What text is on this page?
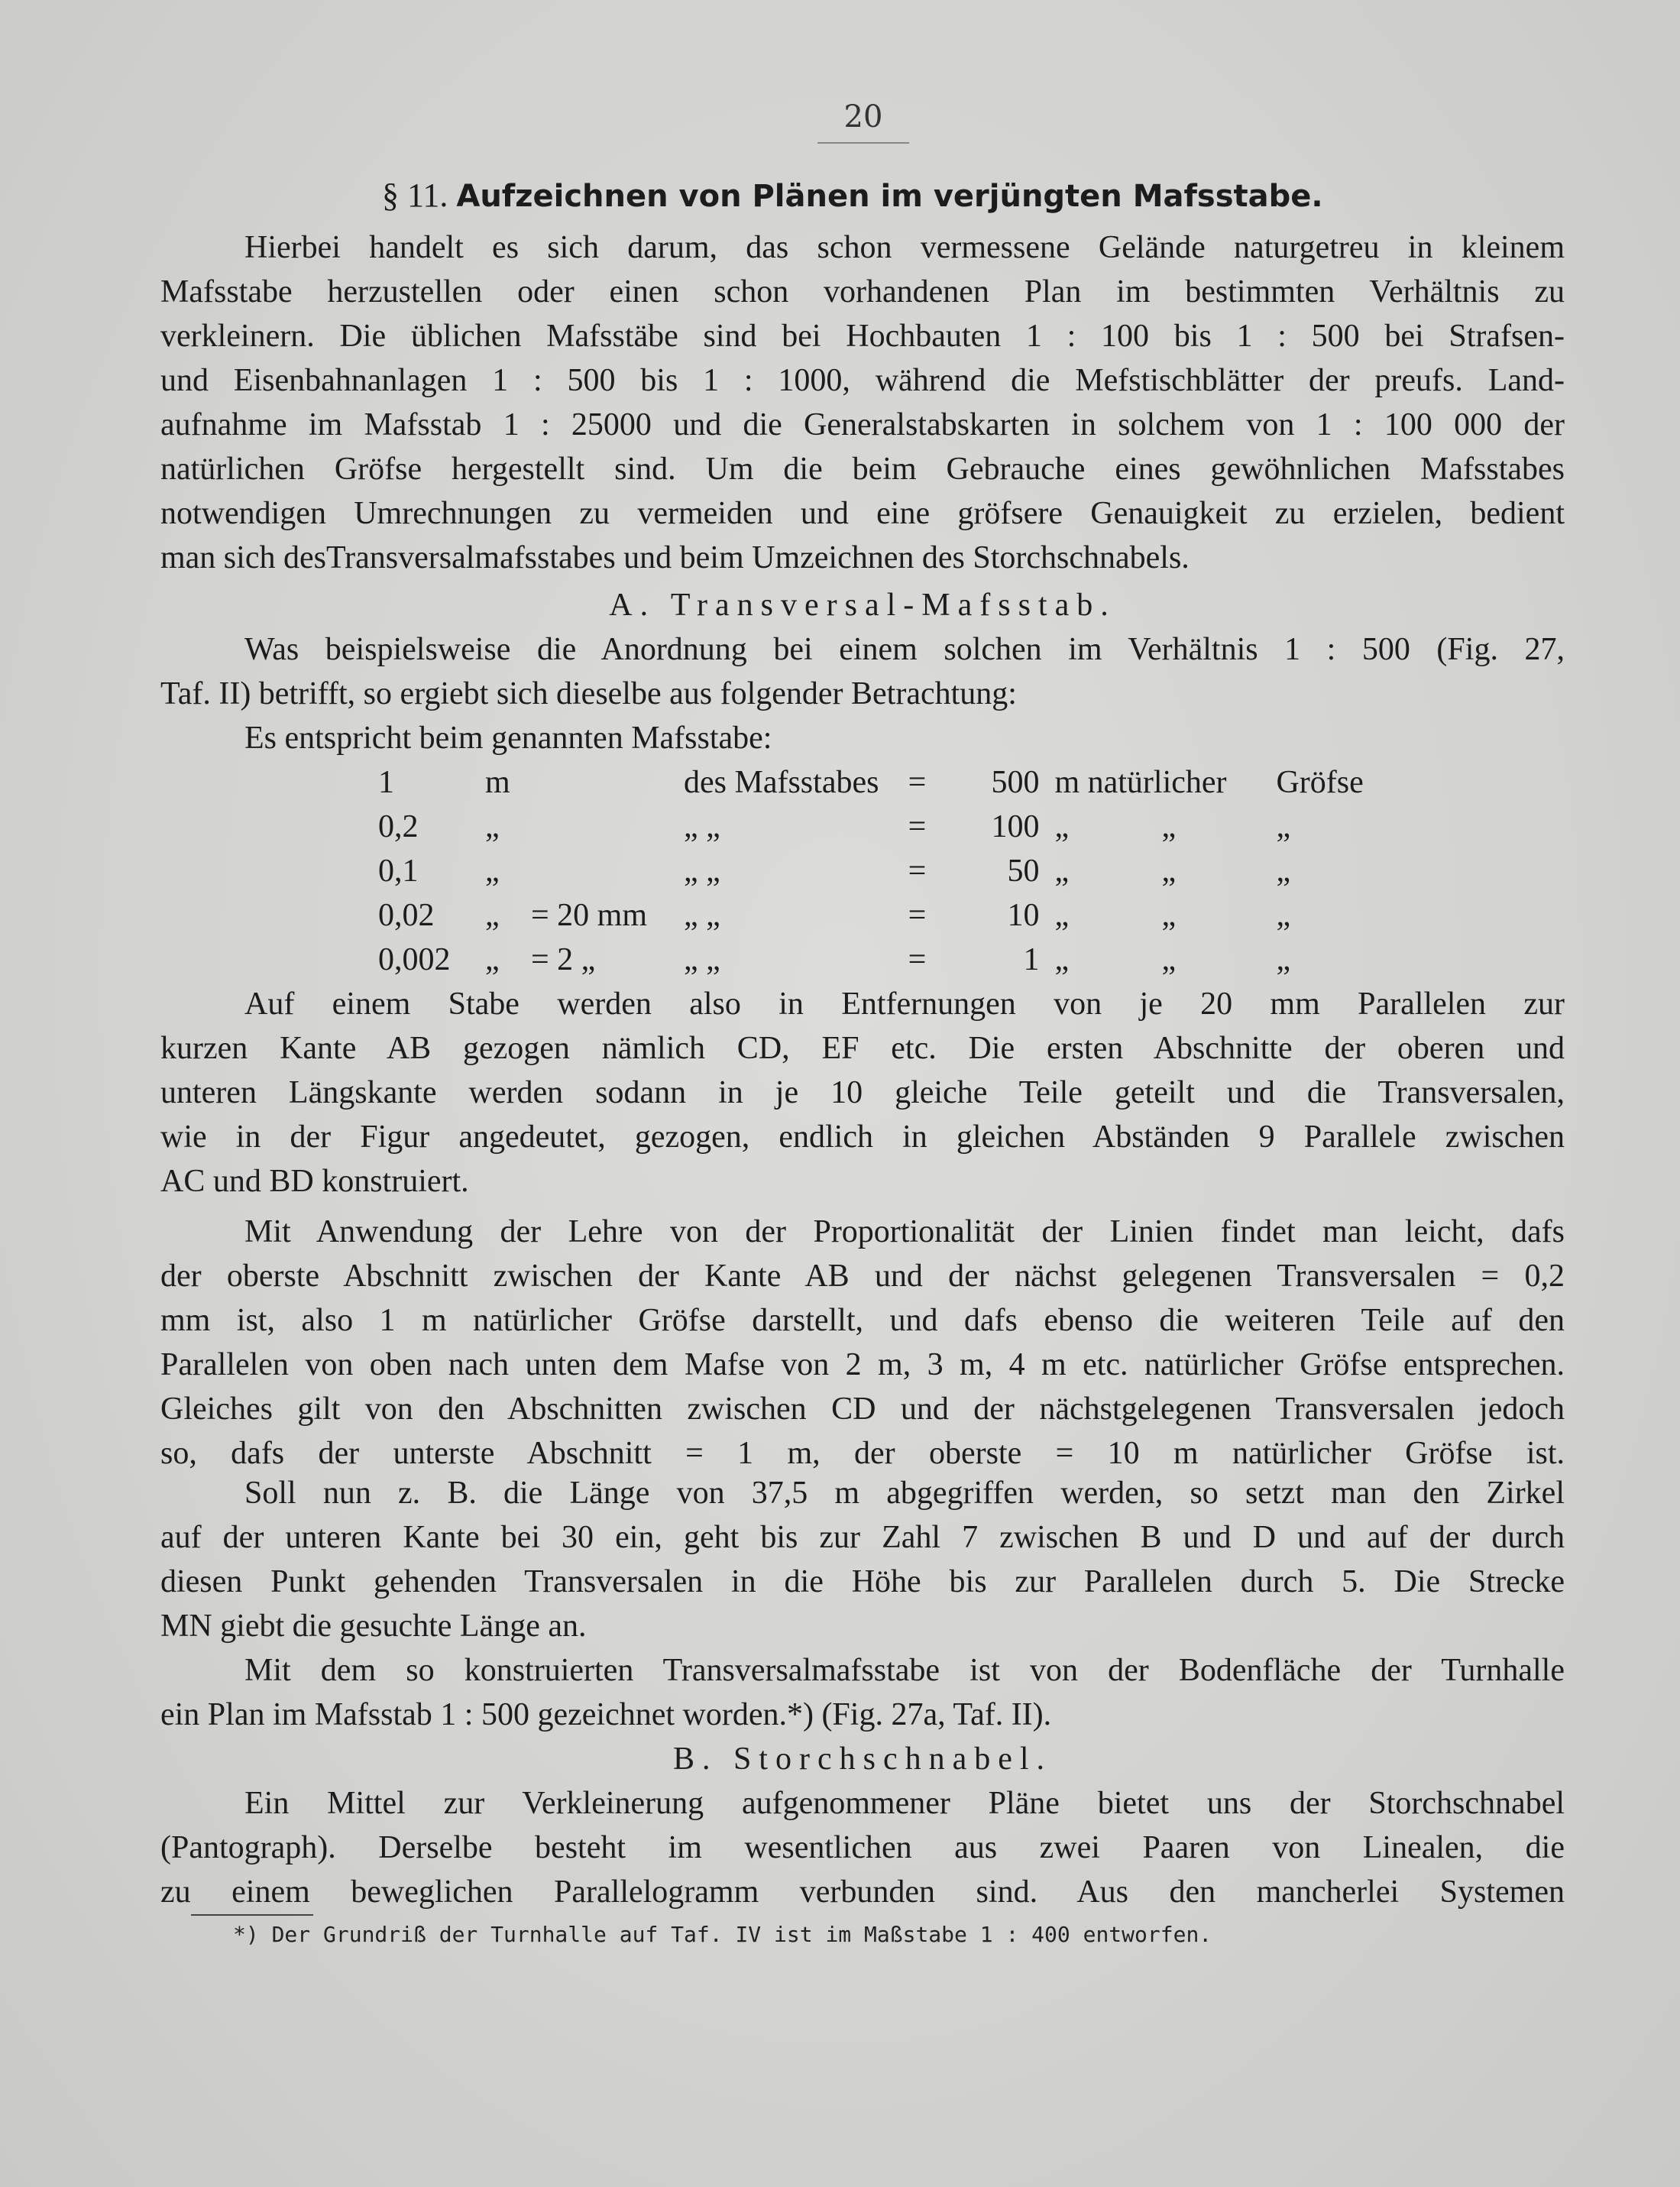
20
§ 11. Aufzeichnen von Plänen im verjüngten Mafsstabe.
Hierbei handelt es sich darum, das schon vermessene Gelände naturgetreu in kleinem
Mafsstabe herzustellen oder einen schon vorhandenen Plan im bestimmten Verhältnis zu
verkleinern. Die üblichen Mafsstäbe sind bei Hochbauten 1 : 100 bis 1 : 500 bei Strafsen-
und Eisenbahnanlagen 1 : 500 bis 1 : 1000, während die Mefstischblätter der preufs. Land-
aufnahme im Mafsstab 1 : 25000 und die Generalstabskarten in solchem von 1 : 100 000 der
natürlichen Gröfse hergestellt sind. Um die beim Gebrauche eines gewöhnlichen Mafsstabes
notwendigen Umrechnungen zu vermeiden und eine gröfsere Genauigkeit zu erzielen, bedient
man sich desTransversalmafsstabes und beim Umzeichnen des Storchschnabels.
A. Transversal-Mafsstab.
Was beispielsweise die Anordnung bei einem solchen im Verhältnis 1 : 500 (Fig. 27,
Taf. II) betrifft, so ergiebt sich dieselbe aus folgender Betrachtung:
Es entspricht beim genannten Mafsstabe:
1	m		des Mafsstabes	=	500	m natürlicher		Gröfse
0,2	„		„ „	=	100	„	„	„
0,1	„		„ „	=	50	„	„	„
0,02	„	= 20 mm	„ „	=	10	„	„	„
0,002	„	= 2 „	„ „	=	1	„	„	„
Auf einem Stabe werden also in Entfernungen von je 20 mm Parallelen zur
kurzen Kante AB gezogen nämlich CD, EF etc. Die ersten Abschnitte der oberen und
unteren Längskante werden sodann in je 10 gleiche Teile geteilt und die Transversalen,
wie in der Figur angedeutet, gezogen, endlich in gleichen Abständen 9 Parallele zwischen
AC und BD konstruiert.
Mit Anwendung der Lehre von der Proportionalität der Linien findet man leicht, dafs
der oberste Abschnitt zwischen der Kante AB und der nächst gelegenen Transversalen = 0,2
mm ist, also 1 m natürlicher Gröfse darstellt, und dafs ebenso die weiteren Teile auf den
Parallelen von oben nach unten dem Mafse von 2 m, 3 m, 4 m etc. natürlicher Gröfse entsprechen.
Gleiches gilt von den Abschnitten zwischen CD und der nächstgelegenen Transversalen jedoch
so, dafs der unterste Abschnitt = 1 m, der oberste = 10 m natürlicher Gröfse ist.
Soll nun z. B. die Länge von 37,5 m abgegriffen werden, so setzt man den Zirkel
auf der unteren Kante bei 30 ein, geht bis zur Zahl 7 zwischen B und D und auf der durch
diesen Punkt gehenden Transversalen in die Höhe bis zur Parallelen durch 5. Die Strecke
MN giebt die gesuchte Länge an.
Mit dem so konstruierten Transversalmafsstabe ist von der Bodenfläche der Turnhalle
ein Plan im Mafsstab 1 : 500 gezeichnet worden.*) (Fig. 27a, Taf. II).
B. Storchschnabel.
Ein Mittel zur Verkleinerung aufgenommener Pläne bietet uns der Storchschnabel
(Pantograph). Derselbe besteht im wesentlichen aus zwei Paaren von Linealen, die
zu einem beweglichen Parallelogramm verbunden sind. Aus den mancherlei Systemen
*) Der Grundriß der Turnhalle auf Taf. IV ist im Maßstabe 1 : 400 entworfen.
